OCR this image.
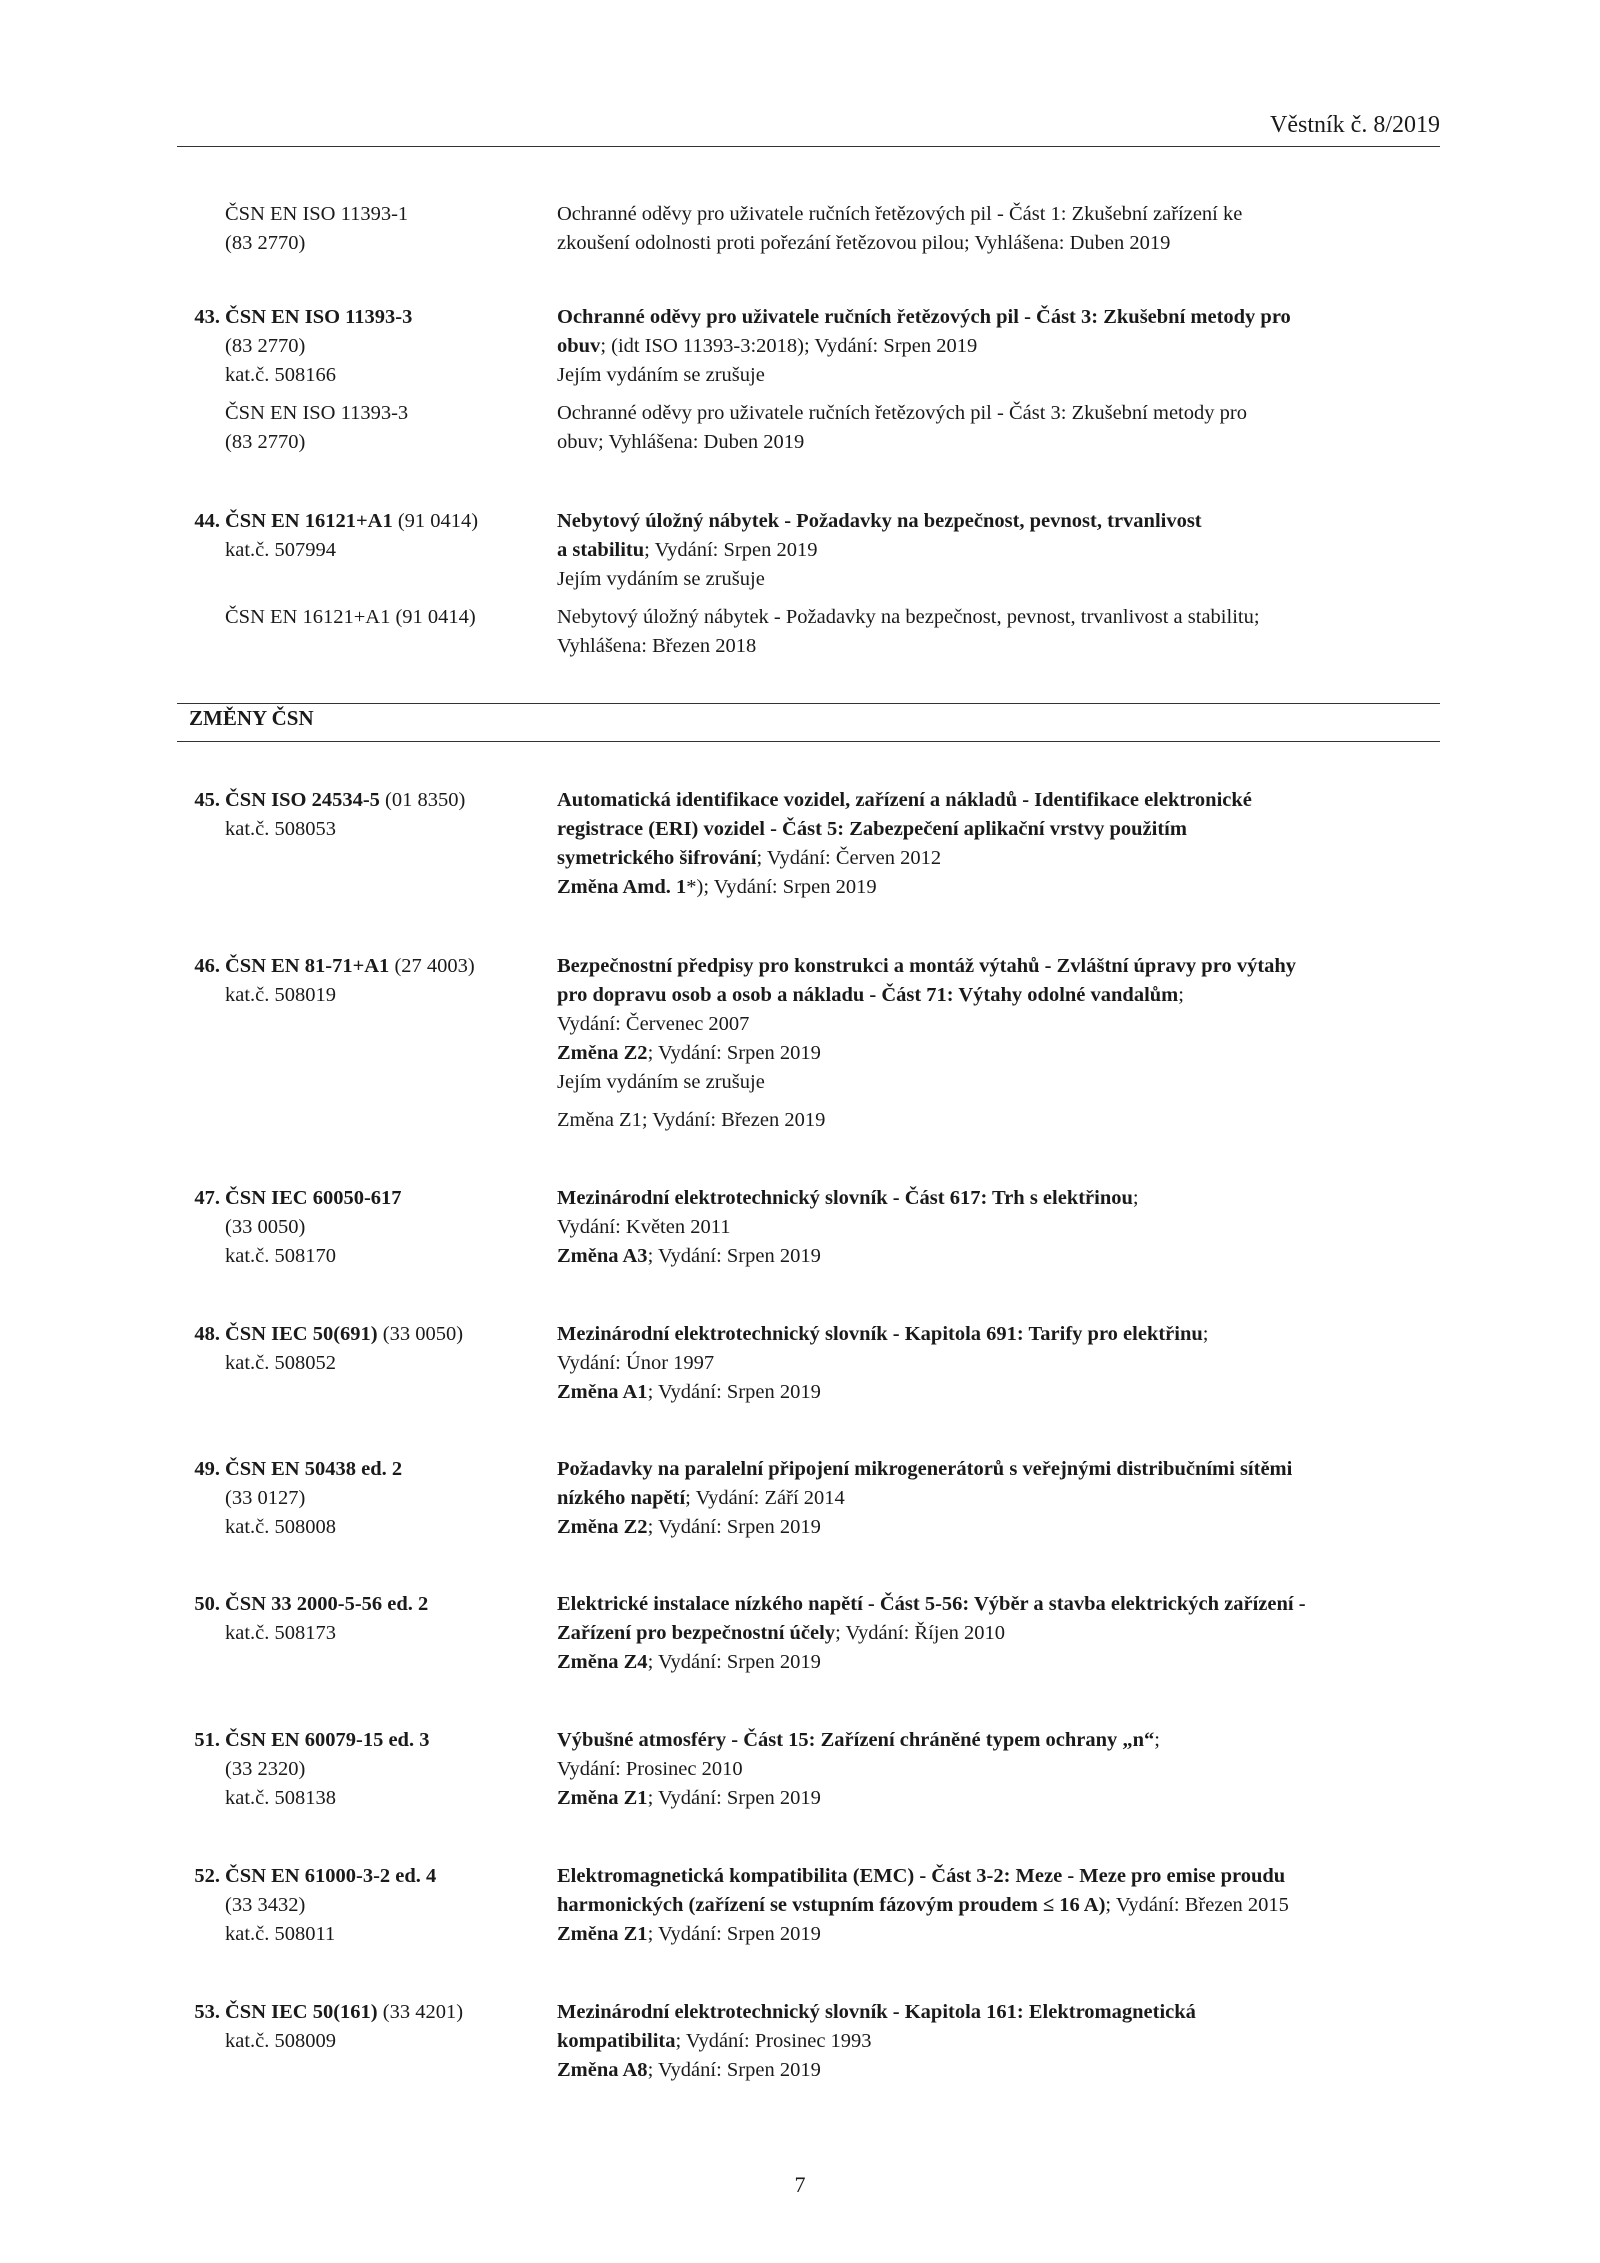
Věstník č. 8/2019
ZMĚNY ČSN
ČSN EN ISO 11393-1
(83 2770)
Ochranné oděvy pro uživatele ručních řetězových pil - Část 1: Zkušební zařízení ke
zkoušení odolnosti proti pořezání řetězovou pilou; Vyhlášena: Duben 2019
43. ČSN EN ISO 11393-3
(83 2770)
kat.č. 508166
Ochranné oděvy pro uživatele ručních řetězových pil - Část 3: Zkušební metody pro
obuv; (idt ISO 11393-3:2018); Vydání: Srpen 2019
Jejím vydáním se zrušuje
ČSN EN ISO 11393-3
(83 2770)
Ochranné oděvy pro uživatele ručních řetězových pil - Část 3: Zkušební metody pro
obuv; Vyhlášena: Duben 2019
44. ČSN EN 16121+A1 (91 0414)
kat.č. 507994
Nebytový úložný nábytek - Požadavky na bezpečnost, pevnost, trvanlivost
a stabilitu; Vydání: Srpen 2019
Jejím vydáním se zrušuje
ČSN EN 16121+A1 (91 0414)	Nebytový úložný nábytek - Požadavky na bezpečnost, pevnost, trvanlivost a stabilitu;
Vyhlášena: Březen 2018
45. ČSN ISO 24534-5 (01 8350)
kat.č. 508053
Automatická identifikace vozidel, zařízení a nákladů - Identifikace elektronické
registrace (ERI) vozidel - Část 5: Zabezpečení aplikační vrstvy použitím
symetrického šifrování; Vydání: Červen 2012
Změna Amd. 1*); Vydání: Srpen 2019
46. ČSN EN 81-71+A1 (27 4003)
kat.č. 508019
Bezpečnostní předpisy pro konstrukci a montáž výtahů - Zvláštní úpravy pro výtahy
pro dopravu osob a osob a nákladu - Část 71: Výtahy odolné vandalům;
Vydání: Červenec 2007
Změna Z2; Vydání: Srpen 2019
Jejím vydáním se zrušuje
Změna Z1; Vydání: Březen 2019
47. ČSN IEC 60050-617
(33 0050)
kat.č. 508170
Mezinárodní elektrotechnický slovník - Část 617: Trh s elektřinou;
Vydání: Květen 2011
Změna A3; Vydání: Srpen 2019
48. ČSN IEC 50(691) (33 0050)
kat.č. 508052
Mezinárodní elektrotechnický slovník - Kapitola 691: Tarify pro elektřinu;
Vydání: Únor 1997
Změna A1; Vydání: Srpen 2019
49. ČSN EN 50438 ed. 2
(33 0127)
kat.č. 508008
Požadavky na paralelní připojení mikrogenerátorů s veřejnými distribučními sítěmi
nízkého napětí; Vydání: Září 2014
Změna Z2; Vydání: Srpen 2019
50. ČSN 33 2000-5-56 ed. 2
kat.č. 508173
Elektrické instalace nízkého napětí - Část 5-56: Výběr a stavba elektrických zařízení -
Zařízení pro bezpečnostní účely; Vydání: Říjen 2010
Změna Z4; Vydání: Srpen 2019
51. ČSN EN 60079-15 ed. 3
(33 2320)
kat.č. 508138
Výbušné atmosféry - Část 15: Zařízení chráněné typem ochrany „n“;
Vydání: Prosinec 2010
Změna Z1; Vydání: Srpen 2019
52. ČSN EN 61000-3-2 ed. 4
(33 3432)
kat.č. 508011
Elektromagnetická kompatibilita (EMC) - Část 3-2: Meze - Meze pro emise proudu
harmonických (zařízení se vstupním fázovým proudem ≤ 16 A); Vydání: Březen 2015
Změna Z1; Vydání: Srpen 2019
53. ČSN IEC 50(161) (33 4201)
kat.č. 508009
Mezinárodní elektrotechnický slovník - Kapitola 161: Elektromagnetická
kompatibilita; Vydání: Prosinec 1993
Změna A8; Vydání: Srpen 2019
7
